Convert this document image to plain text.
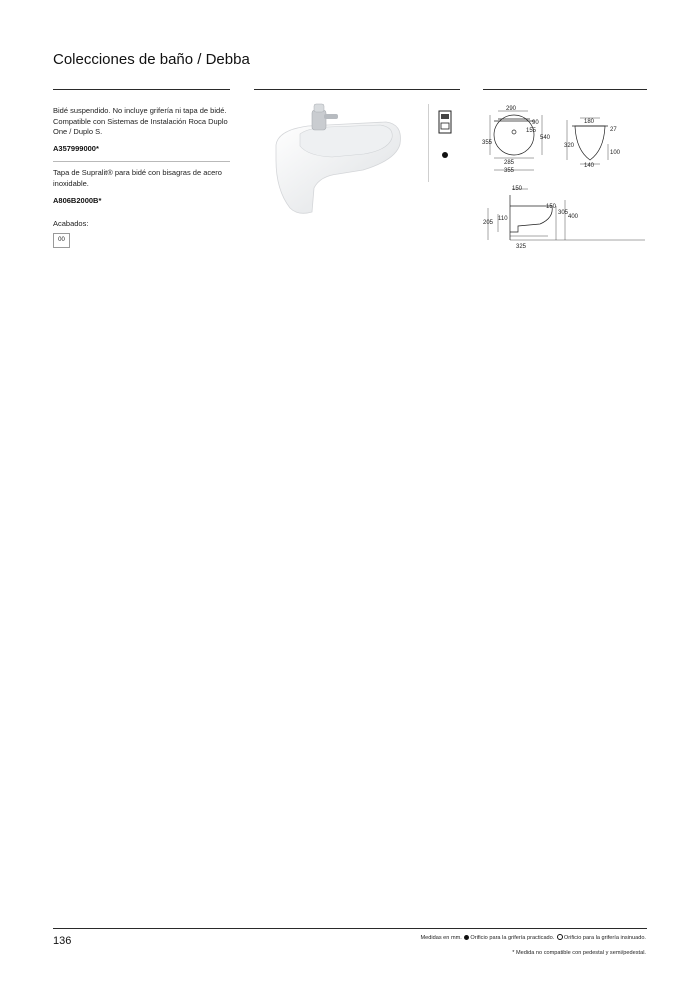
Colecciones de baño / Debba
Bidé suspendido. No incluye grifería ni tapa de bidé. Compatible con Sistemas de Instalación Roca Duplo One / Duplo S.
A357999000*
Tapa de Supralit® para bidé con bisagras de acero inoxidable.
A806B2000B*
Acabados:
00
290
90
155
540
355
285
355
180
27
320
100
140
150
150
305
400
110
205
325
136	Medidas en mm. Orificio para la grifería practicado. Orificio para la grifería insinuado.
* Medida no compatible con pedestal y semi/pedestal.
